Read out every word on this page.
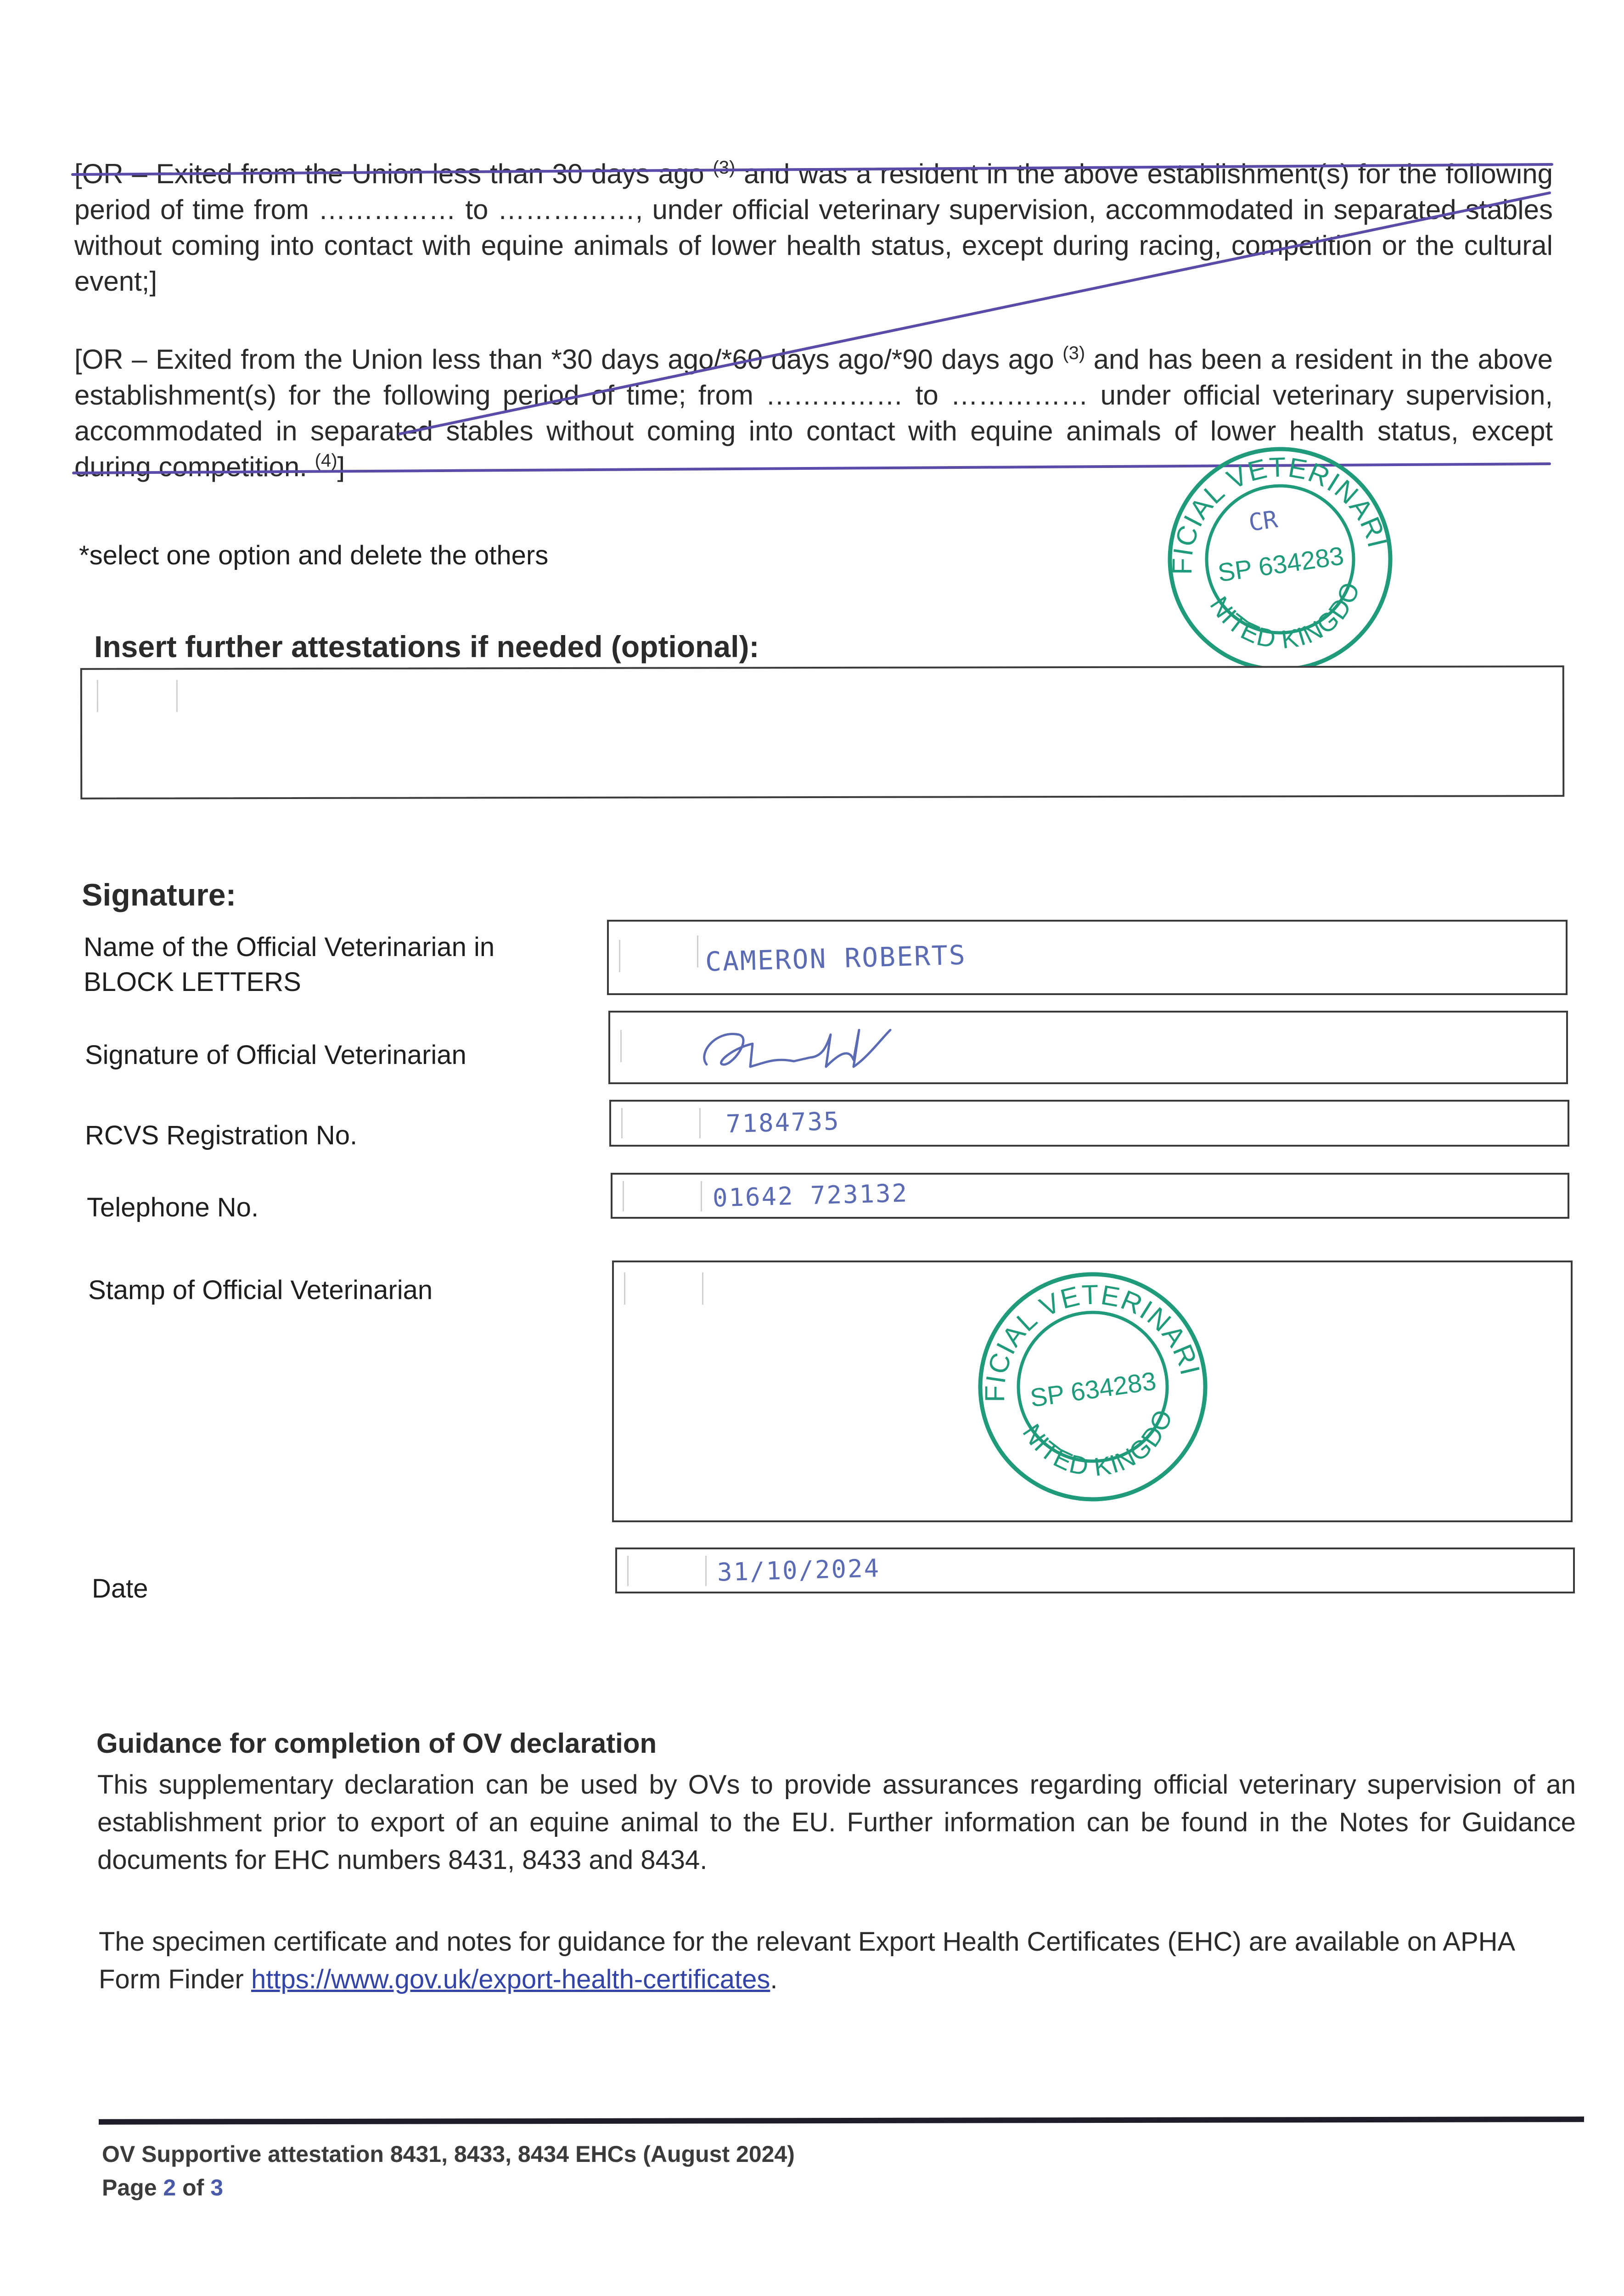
[OR – Exited from the Union less than 30 days ago $^{(3)}$ and was a resident in the above establishment(s) for the following period of time from …………… to ……………, under official veterinary supervision, accommodated in separated stables without coming into contact with equine animals of lower health status, except during racing, competition or the cultural event;]

[OR – Exited from the Union less than *30 days ago/*60 days ago/*90 days ago $^{(3)}$ and has been a resident in the above establishment(s) for the following period of time; from …………… to …………… under official veterinary supervision, accommodated in separated stables without coming into contact with equine animals of lower health status, except during competition. $^{(4)}$]

*select one option and delete the others
OFFICIAL VETERINARIAN
UNITED KINGDOM
SP 634283
CR
Insert further attestations if needed (optional):
Signature:
Name of the Official Veterinarian in
BLOCK LETTERS
CAMERON ROBERTS
Signature of Official Veterinarian
RCVS Registration No.	7184735
Telephone No.	01642 723132
Stamp of Official Veterinarian
OFFICIAL VETERINARIAN
UNITED KINGDOM
SP 634283
Date
31/10/2024
Guidance for completion of OV declaration

This supplementary declaration can be used by OVs to provide assurances regarding official veterinary supervision of an establishment prior to export of an equine animal to the EU. Further information can be found in the Notes for Guidance documents for EHC numbers 8431, 8433 and 8434.

The specimen certificate and notes for guidance for the relevant Export Health Certificates (EHC) are available on APHA Form Finder https://www.gov.uk/export-health-certificates.

OV Supportive attestation 8431, 8433, 8434 EHCs (August 2024)
Page 2 of 3
